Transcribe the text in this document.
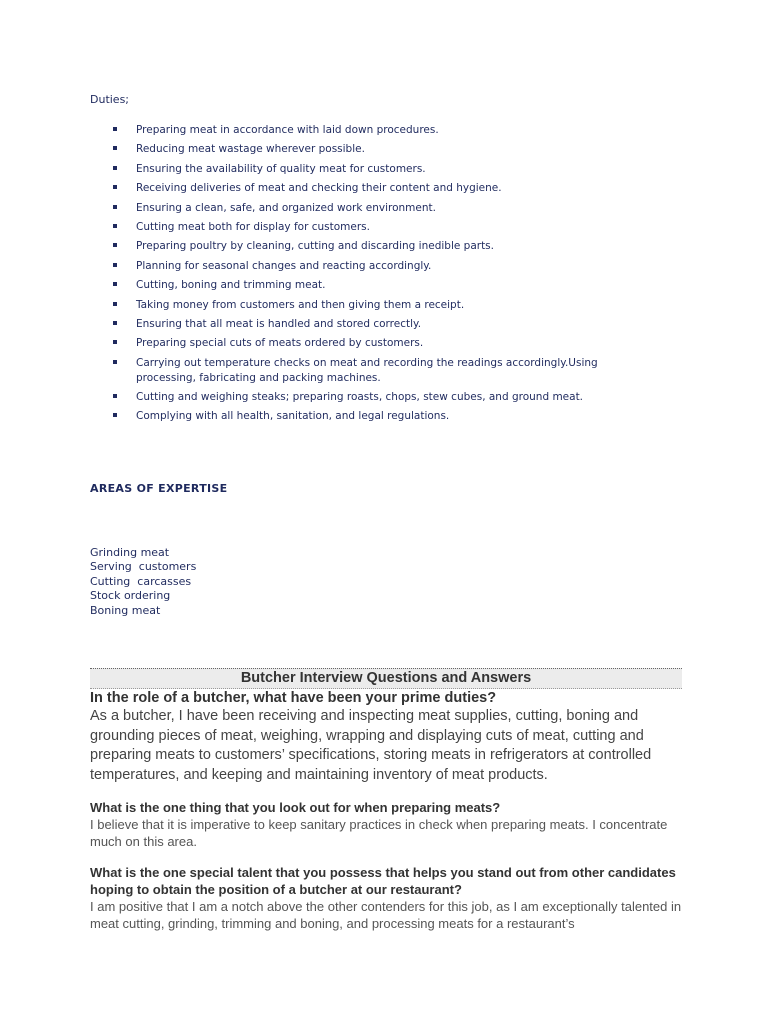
Duties;
Preparing meat in accordance with laid down procedures.
Reducing meat wastage wherever possible.
Ensuring the availability of quality meat for customers.
Receiving deliveries of meat and checking their content and hygiene.
Ensuring a clean, safe, and organized work environment.
Cutting meat both for display for customers.
Preparing poultry by cleaning, cutting and discarding inedible parts.
Planning for seasonal changes and reacting accordingly.
Cutting, boning and trimming meat.
Taking money from customers and then giving them a receipt.
Ensuring that all meat is handled and stored correctly.
Preparing special cuts of meats ordered by customers.
Carrying out temperature checks on meat and recording the readings accordingly.Using processing, fabricating and packing machines.
Cutting and weighing steaks; preparing roasts, chops, stew cubes, and ground meat.
Complying with all health, sanitation, and legal regulations.
AREAS OF EXPERTISE
Grinding meat
Serving  customers
Cutting  carcasses
Stock ordering
Boning meat
Butcher Interview Questions and Answers
In the role of a butcher, what have been your prime duties?
As a butcher, I have been receiving and inspecting meat supplies, cutting, boning and grounding pieces of meat, weighing, wrapping and displaying cuts of meat, cutting and preparing meats to customers’ specifications, storing meats in refrigerators at controlled temperatures, and keeping and maintaining inventory of meat products.
What is the one thing that you look out for when preparing meats?
I believe that it is imperative to keep sanitary practices in check when preparing meats. I concentrate much on this area.
What is the one special talent that you possess that helps you stand out from other candidates hoping to obtain the position of a butcher at our restaurant?
I am positive that I am a notch above the other contenders for this job, as I am exceptionally talented in meat cutting, grinding, trimming and boning, and processing meats for a restaurant’s
